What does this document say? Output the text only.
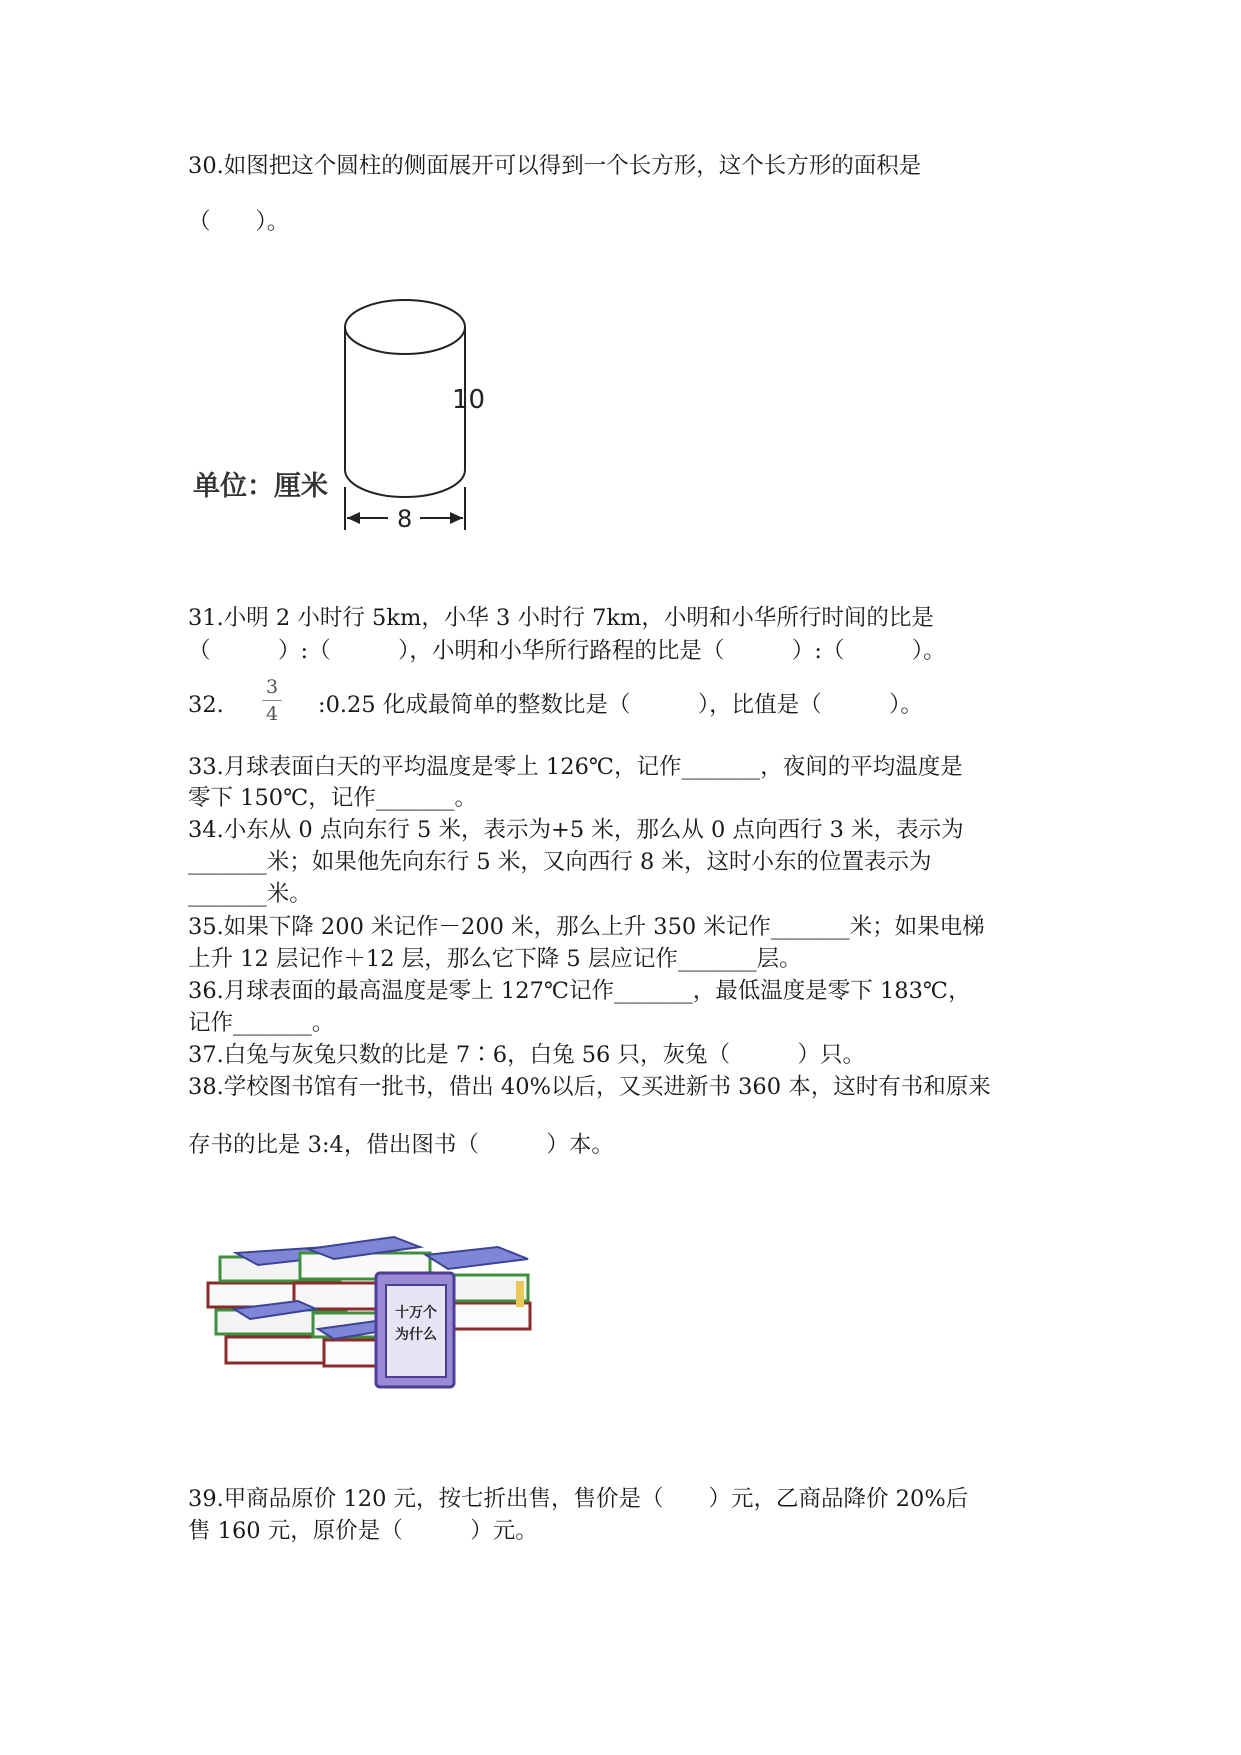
30.如图把这个圆柱的侧面展开可以得到一个长方形，这个长方形的面积是
（　　）。
10
8
单位：厘米
31.小明 2 小时行 5km，小华 3 小时行 7km，小明和小华所行时间的比是
（　　　）:（　　　），小明和小华所行路程的比是（　　　）:（　　　）。
32.
3
4 :0.25 化成最简单的整数比是（　　　），比值是（　　　）。
33.月球表面白天的平均温度是零上 126℃，记作_______，夜间的平均温度是
零下 150℃，记作_______。
34.小东从 0 点向东行 5 米，表示为+5 米，那么从 0 点向西行 3 米，表示为
_______米；如果他先向东行 5 米，又向西行 8 米，这时小东的位置表示为
_______米。
35.如果下降 200 米记作－200 米，那么上升 350 米记作_______米；如果电梯
上升 12 层记作＋12 层，那么它下降 5 层应记作_______层。
36.月球表面的最高温度是零上 127℃记作_______，最低温度是零下 183℃，
记作_______。
37.白兔与灰兔只数的比是 7∶6，白兔 56 只，灰兔（　　　）只。
38.学校图书馆有一批书，借出 40%以后，又买进新书 360 本，这时有书和原来
存书的比是 3:4，借出图书（　　　）本。
十万个
为什么
39.甲商品原价 120 元，按七折出售，售价是（　　）元，乙商品降价 20%后
售 160 元，原价是（　　　）元。
